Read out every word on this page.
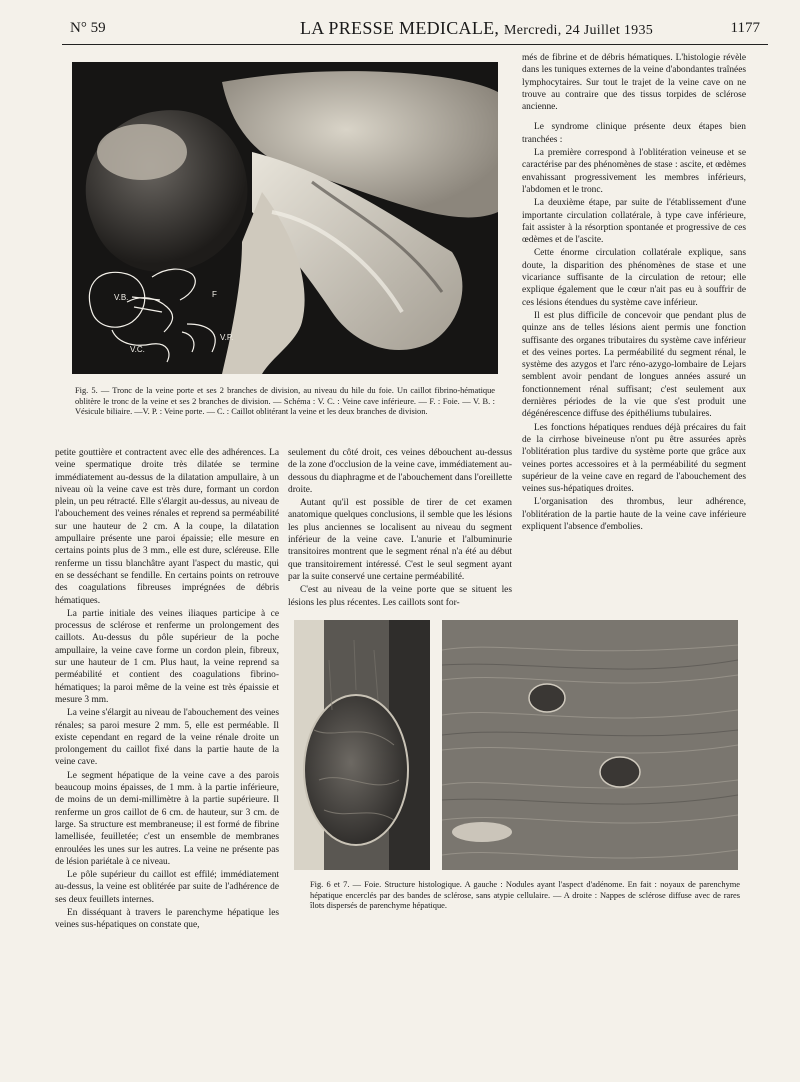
N° 59	LA PRESSE MEDICALE, Mercredi, 24 Juillet 1935	1177
V.B.	F
V.P.
V.C.
Fig. 5. — Tronc de la veine porte et ses 2 branches de division, au niveau du hile du foie. Un caillot fibrino-hématique oblitère le tronc de la veine et ses 2 branches de division. — Schéma : V. C. : Veine cave inférieure. — F. : Foie. — V. B. : Vésicule biliaire. —V. P. : Veine porte. — C. : Caillot oblitérant la veine et les deux branches de division.

més de fibrine et de débris hématiques. L'histologie révèle dans les tuniques externes de la veine d'abondantes traînées lymphocytaires. Sur tout le trajet de la veine cave on ne trouve au contraire que des tissus torpides de sclérose ancienne.

Le syndrome clinique présente deux étapes bien tranchées :

La première correspond à l'oblitération veineuse et se caractérise par des phénomènes de stase : ascite, et œdèmes envahissant progressivement les membres inférieurs, l'abdomen et le tronc.

La deuxième étape, par suite de l'établissement d'une importante circulation collatérale, à type cave inférieure, fait assister à la résorption spontanée et progressive de ces œdèmes et de l'ascite.

Cette énorme circulation collatérale explique, sans doute, la disparition des phénomènes de stase et une vicariance suffisante de la circulation de retour; elle explique également que le cœur n'ait pas eu à souffrir de ces lésions étendues du système cave inférieur.

Il est plus difficile de concevoir que pendant plus de quinze ans de telles lésions aient permis une fonction suffisante des organes tributaires du système cave inférieur et des veines portes. La perméabilité du segment rénal, le système des azygos et l'arc réno-azygo-lombaire de Lejars semblent avoir pendant de longues années assuré un fonctionnement rénal suffisant; c'est seulement aux dernières périodes de la vie que s'est produit une dégénérescence diffuse des épithéliums tubulaires.

Les fonctions hépatiques rendues déjà précaires du fait de la cirrhose biveineuse n'ont pu être assurées après l'oblitération plus tardive du système porte que grâce aux veines portes accessoires et à la perméabilité du segment supérieur de la veine cave en regard de l'abouchement des veines sus-hépatiques droites.

L'organisation des thrombus, leur adhérence, l'oblitération de la partie haute de la veine cave inférieure expliquent l'absence d'embolies.

petite gouttière et contractent avec elle des adhérences. La veine spermatique droite très dilatée se termine immédiatement au-dessus de la dilatation ampullaire, à un niveau où la veine cave est très dure, formant un cordon plein, un peu rétracté. Elle s'élargit au-dessus, au niveau de l'abouchement des veines rénales et reprend sa perméabilité sur une hauteur de 2 cm. A la coupe, la dilatation ampullaire présente une paroi épaissie; elle mesure en certains points plus de 3 mm., elle est dure, scléreuse. Elle renferme un tissu blanchâtre ayant l'aspect du mastic, qui en se desséchant se fendille. En certains points on retrouve des coagulations fibreuses imprégnées de débris hématiques.

La partie initiale des veines iliaques participe à ce processus de sclérose et renferme un prolongement des caillots. Au-dessus du pôle supérieur de la poche ampullaire, la veine cave forme un cordon plein, fibreux, sur une hauteur de 1 cm. Plus haut, la veine reprend sa perméabilité et contient des coagulations fibrino-hématiques; la paroi même de la veine est très épaissie et mesure 3 mm.

La veine s'élargit au niveau de l'abouchement des veines rénales; sa paroi mesure 2 mm. 5, elle est perméable. Il existe cependant en regard de la veine rénale droite un prolongement du caillot fixé dans la partie haute de la veine cave.

Le segment hépatique de la veine cave a des parois beaucoup moins épaisses, de 1 mm. à la partie inférieure, de moins de un demi-millimètre à la partie supérieure. Il renferme un gros caillot de 6 cm. de hauteur, sur 3 cm. de large. Sa structure est membraneuse; il est formé de fibrine lamellisée, feuilletée; c'est un ensemble de membranes enroulées les unes sur les autres. La veine ne présente pas de lésion pariétale à ce niveau.

Le pôle supérieur du caillot est effilé; immédiatement au-dessus, la veine est oblitérée par suite de l'adhérence de ses deux feuillets internes.

En disséquant à travers le parenchyme hépatique les veines sus-hépatiques on constate que,

seulement du côté droit, ces veines débouchent au-dessus de la zone d'occlusion de la veine cave, immédiatement au-dessous du diaphragme et de l'abouchement dans l'oreillette droite.

Autant qu'il est possible de tirer de cet examen anatomique quelques conclusions, il semble que les lésions les plus anciennes se localisent au niveau du segment inférieur de la veine cave. L'anurie et l'albuminurie transitoires montrent que le segment rénal n'a été au début que transitoirement intéressé. C'est le seul segment ayant par la suite conservé une certaine perméabilité.

C'est au niveau de la veine porte que se situent les lésions les plus récentes. Les caillots sont for-

Fig. 6 et 7. — Foie. Structure histologique. A gauche : Nodules ayant l'aspect d'adénome. En fait : noyaux de parenchyme hépatique encerclés par des bandes de sclérose, sans atypie cellulaire. — A droite : Nappes de sclérose diffuse avec de rares îlots dispersés de parenchyme hépatique.
